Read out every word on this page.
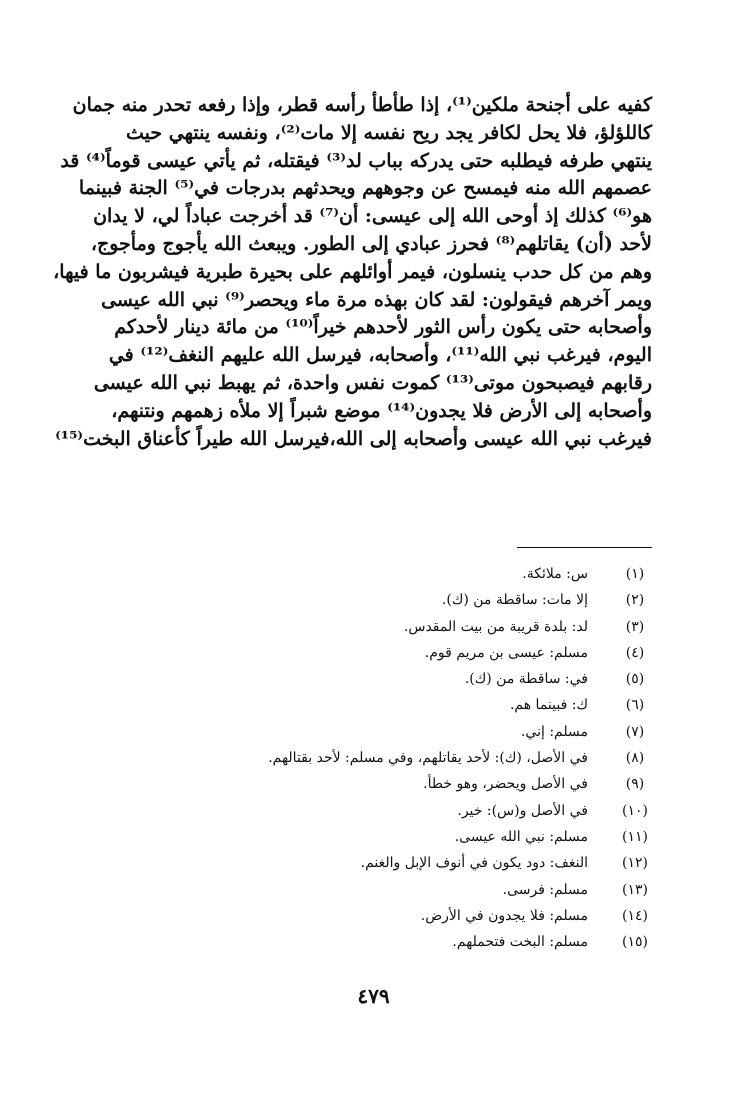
كفيه على أجنحة ملكين⁽¹⁾، إذا طأطأ رأسه قطر، وإذا رفعه تحدر منه جمان
كاللؤلؤ، فلا يحل لكافر يجد ريح نفسه إلا مات⁽²⁾، ونفسه ينتهي حيث
ينتهي طرفه فيطلبه حتى يدركه بباب لد⁽³⁾ فيقتله، ثم يأتي عيسى قوماً⁽⁴⁾ قد
عصمهم الله منه فيمسح عن وجوههم ويحدثهم بدرجات في⁽⁵⁾ الجنة فبينما
هو⁽⁶⁾ كذلك إذ أوحى الله إلى عيسى: أن⁽⁷⁾ قد أخرجت عباداً لي، لا يدان
لأحد (أن) يقاتلهم⁽⁸⁾ فحرز عبادي إلى الطور. ويبعث الله يأجوج ومأجوج،
وهم من كل حدب ينسلون، فيمر أوائلهم على بحيرة طبرية فيشربون ما فيها،
ويمر آخرهم فيقولون: لقد كان بهذه مرة ماء ويحصر⁽⁹⁾ نبي الله عيسى
وأصحابه حتى يكون رأس الثور لأحدهم خيراً⁽¹⁰⁾ من مائة دينار لأحدكم
اليوم، فيرغب نبي الله⁽¹¹⁾، وأصحابه، فيرسل الله عليهم النغف⁽¹²⁾ في
رقابهم فيصبحون موتى⁽¹³⁾ كموت نفس واحدة، ثم يهبط نبي الله عيسى
وأصحابه إلى الأرض فلا يجدون⁽¹⁴⁾ موضع شبراً إلا ملأه زهمهم ونتنهم،
فيرغب نبي الله عيسى وأصحابه إلى الله،فيرسل الله طيراً كأعناق البخت⁽¹⁵⁾
(١)
س: ملائكة.
(٢)
إلا مات: ساقطة من (ك).
(٣)
لد: بلدة قريبة من بيت المقدس.
(٤)
مسلم: عيسى بن مريم قوم.
(٥)
في: ساقطة من (ك).
(٦)
ك: فبينما هم.
(٧)
مسلم: إني.
(٨)
في الأصل، (ك): لأحد يقاتلهم، وفي مسلم: لأحد بقتالهم.
(٩)
في الأصل ويحضر، وهو خطأ.
(١٠)
في الأصل و(س): خير.
(١١)
مسلم: نبي الله عيسى.
(١٢)
النغف: دود يكون في أنوف الإبل والغنم.
(١٣)
مسلم: فرسى.
(١٤)
مسلم: فلا يجدون في الأرض.
(١٥)
مسلم: البخت فتحملهم.
٤٧٩
